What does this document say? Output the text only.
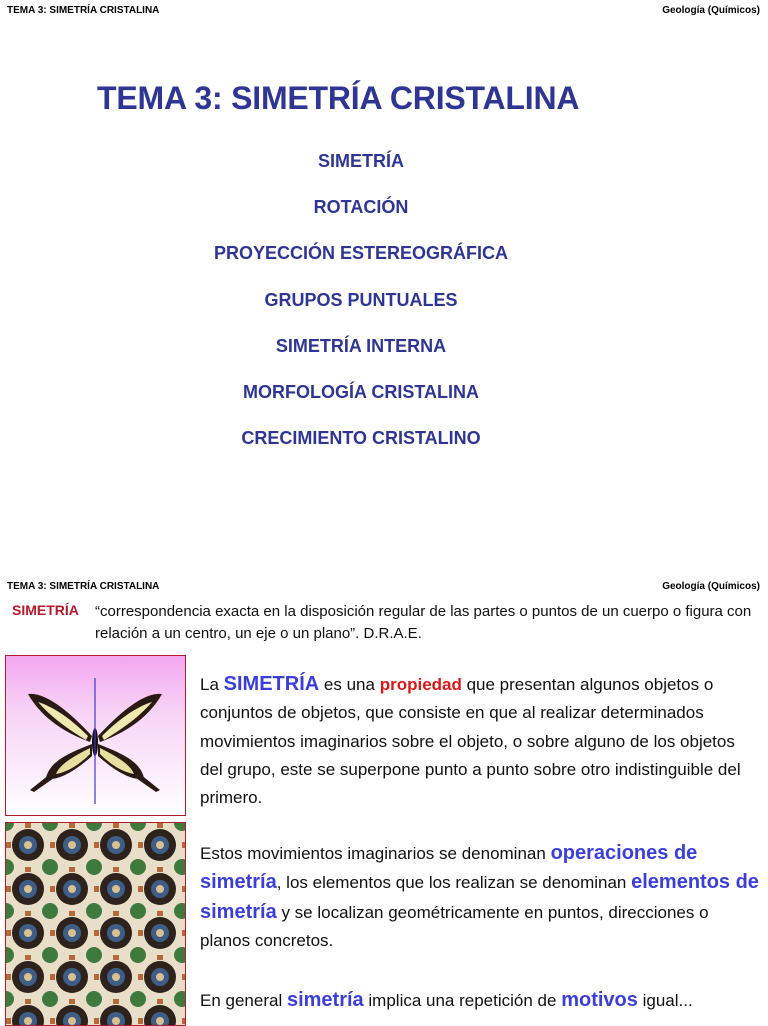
TEMA 3: SIMETRÍA CRISTALINA	Geología (Químicos)
TEMA 3: SIMETRÍA CRISTALINA
SIMETRÍA
ROTACIÓN
PROYECCIÓN ESTEREOGRÁFICA
GRUPOS PUNTUALES
SIMETRÍA INTERNA
MORFOLOGÍA CRISTALINA
CRECIMIENTO CRISTALINO
TEMA 3: SIMETRÍA CRISTALINA	Geología (Químicos)
SIMETRÍA “correspondencia exacta en la disposición regular de las partes o puntos de un cuerpo o figura con relación a un centro, un eje o un plano”. D.R.A.E.
La SIMETRÍA es una propiedad que presentan algunos objetos o conjuntos de objetos, que consiste en que al realizar determinados movimientos imaginarios sobre el objeto, o sobre alguno de los objetos del grupo, este se superpone punto a punto sobre otro indistinguible del primero.
Estos movimientos imaginarios se denominan operaciones de simetría, los elementos que los realizan se denominan elementos de simetría y se localizan geométricamente en puntos, direcciones o planos concretos.
En general simetría implica una repetición de motivos igual...
